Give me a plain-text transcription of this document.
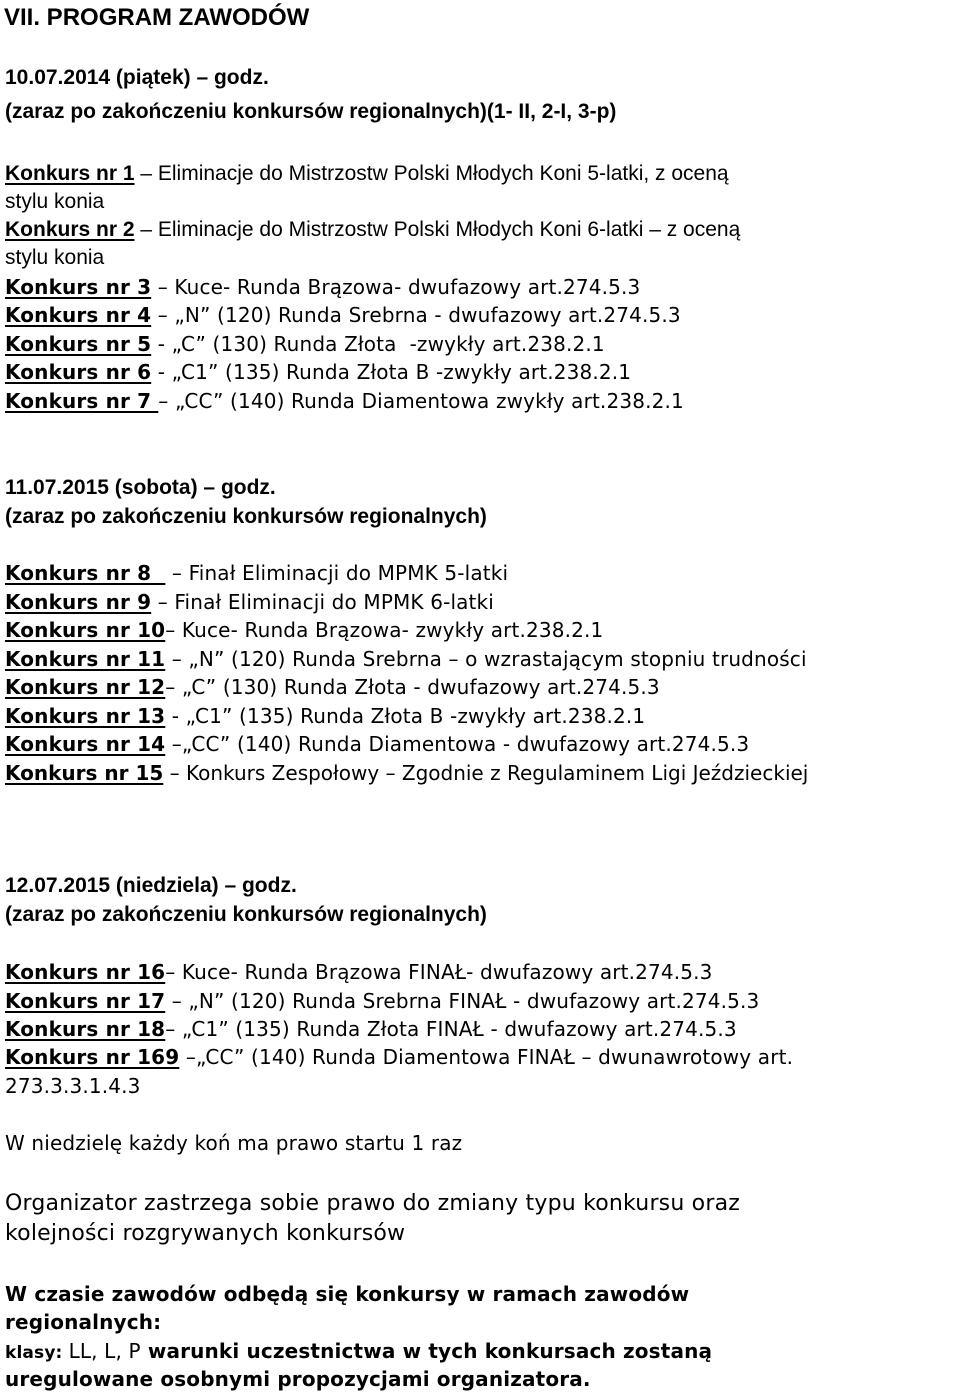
VII. PROGRAM ZAWODÓW
10.07.2014 (piątek) – godz.
(zaraz po zakończeniu konkursów regionalnych)(1- II, 2-I, 3-p)
Konkurs nr 1 – Eliminacje do Mistrzostw Polski Młodych Koni 5-latki, z oceną
stylu konia
Konkurs nr 2 – Eliminacje do Mistrzostw Polski Młodych Koni 6-latki – z oceną
stylu konia
Konkurs nr 3 – Kuce- Runda Brązowa- dwufazowy art.274.5.3
Konkurs nr 4 – „N” (120) Runda Srebrna - dwufazowy art.274.5.3
Konkurs nr 5 - „C” (130) Runda Złota  -zwykły art.238.2.1
Konkurs nr 6 - „C1” (135) Runda Złota B -zwykły art.238.2.1
Konkurs nr 7 – „CC” (140) Runda Diamentowa zwykły art.238.2.1
11.07.2015 (sobota) – godz.
(zaraz po zakończeniu konkursów regionalnych)
Konkurs nr 8   – Finał Eliminacji do MPMK 5-latki
Konkurs nr 9 – Finał Eliminacji do MPMK 6-latki
Konkurs nr 10– Kuce- Runda Brązowa- zwykły art.238.2.1
Konkurs nr 11 – „N” (120) Runda Srebrna – o wzrastającym stopniu trudności
Konkurs nr 12– „C” (130) Runda Złota - dwufazowy art.274.5.3
Konkurs nr 13 - „C1” (135) Runda Złota B -zwykły art.238.2.1
Konkurs nr 14 –„CC” (140) Runda Diamentowa - dwufazowy art.274.5.3
Konkurs nr 15 – Konkurs Zespołowy – Zgodnie z Regulaminem Ligi Jeździeckiej
12.07.2015 (niedziela) – godz.
(zaraz po zakończeniu konkursów regionalnych)
Konkurs nr 16– Kuce- Runda Brązowa FINAŁ- dwufazowy art.274.5.3
Konkurs nr 17 – „N” (120) Runda Srebrna FINAŁ - dwufazowy art.274.5.3
Konkurs nr 18– „C1” (135) Runda Złota FINAŁ - dwufazowy art.274.5.3
Konkurs nr 169 –„CC” (140) Runda Diamentowa FINAŁ – dwunawrotowy art.
273.3.3.1.4.3
W niedzielę każdy koń ma prawo startu 1 raz
Organizator zastrzega sobie prawo do zmiany typu konkursu oraz
kolejności rozgrywanych konkursów
W czasie zawodów odbędą się konkursy w ramach zawodów
regionalnych:
klasy: LL, L, P warunki uczestnictwa w tych konkursach zostaną
uregulowane osobnymi propozycjami organizatora.
